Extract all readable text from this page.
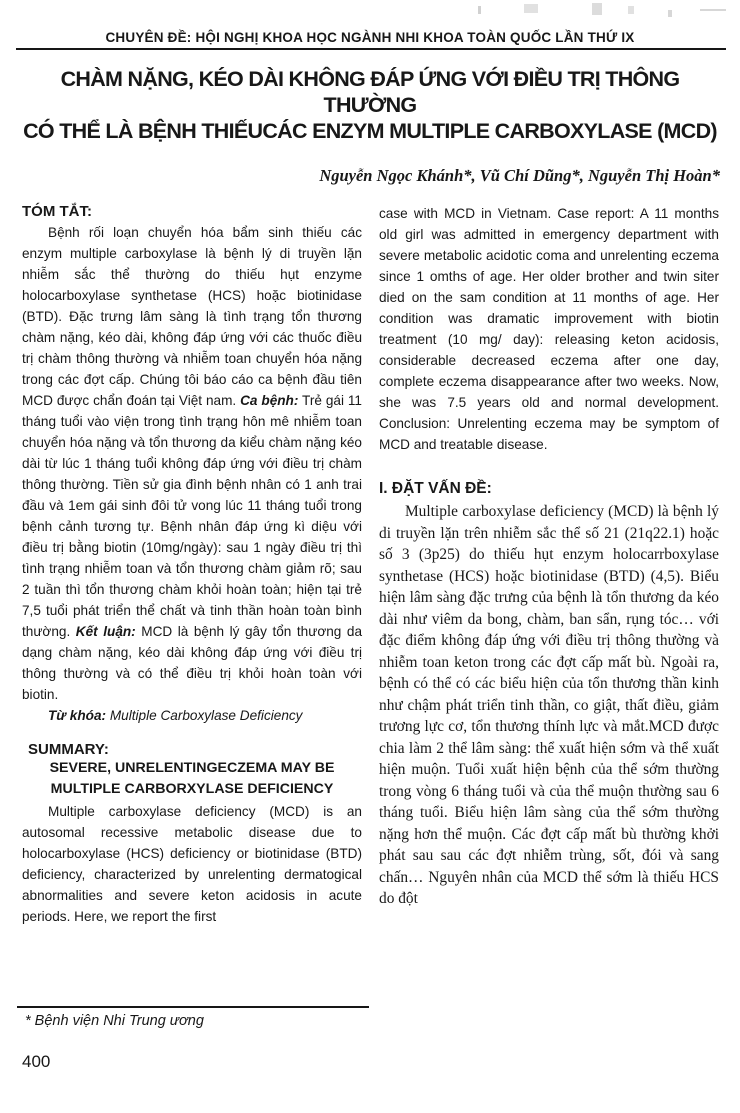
CHUYÊN ĐỀ: HỘI NGHỊ KHOA HỌC NGÀNH NHI KHOA TOÀN QUỐC LẦN THỨ IX
CHÀM NẶNG, KÉO DÀI KHÔNG ĐÁP ỨNG VỚI ĐIỀU TRỊ THÔNG THƯỜNG
CÓ THỂ LÀ BỆNH THIẾUCÁC ENZYM MULTIPLE CARBOXYLASE (MCD)
Nguyễn Ngọc Khánh*, Vũ Chí Dũng*, Nguyễn Thị Hoàn*
TÓM TẮT:

Bệnh rối loạn chuyển hóa bẩm sinh thiếu các enzym multiple carboxylase là bệnh lý di truyền lặn nhiễm sắc thể thường do thiếu hụt enzyme holocarboxylase synthetase (HCS) hoặc biotinidase (BTD). Đặc trưng lâm sàng là tình trạng tổn thương chàm nặng, kéo dài, không đáp ứng với các thuốc điều trị chàm thông thường và nhiễm toan chuyển hóa nặng trong các đợt cấp. Chúng tôi báo cáo ca bệnh đầu tiên MCD được chẩn đoán tại Việt nam. Ca bệnh: Trẻ gái 11 tháng tuổi vào viện trong tình trạng hôn mê nhiễm toan chuyển hóa nặng và tổn thương da kiểu chàm nặng kéo dài từ lúc 1 tháng tuổi không đáp ứng với điều trị chàm thông thường. Tiền sử gia đình bệnh nhân có 1 anh trai đầu và 1em gái sinh đôi tử vong lúc 11 tháng tuổi trong bệnh cảnh tương tự. Bệnh nhân đáp ứng kì diệu với điều trị bằng biotin (10mg/ngày): sau 1 ngày điều trị thì tình trạng nhiễm toan và tổn thương chàm giảm rõ; sau 2 tuần thì tổn thương chàm khỏi hoàn toàn; hiện tại trẻ 7,5 tuổi phát triển thể chất và tinh thần hoàn toàn bình thường. Kết luận: MCD là bệnh lý gây tổn thương da dạng chàm nặng, kéo dài không đáp ứng với điều trị thông thường và có thể điều trị khỏi hoàn toàn với biotin.

Từ khóa: Multiple Carboxylase Deficiency

SUMMARY:
SEVERE, UNRELENTINGECZEMA MAY BE
MULTIPLE CARBORXYLASE DEFICIENCY

Multiple carboxylase deficiency (MCD) is an autosomal recessive metabolic disease due to holocarboxylase (HCS) deficiency or biotinidase (BTD) deficiency, characterized by unrelenting dermatogical abnormalities and severe keton acidosis in acute periods. Here, we report the first

case with MCD in Vietnam. Case report: A 11 months old girl was admitted in emergency department with severe metabolic acidotic coma and unrelenting eczema since 1 omths of age. Her older brother and twin siter died on the sam condition at 11 months of age. Her condition was dramatic improvement with biotin treatment (10 mg/ day): releasing keton acidosis, considerable decreased eczema after one day, complete eczema disappearance after two weeks. Now, she was 7.5 years old and normal development. Conclusion: Unrelenting eczema may be symptom of MCD and treatable disease.

I. ĐẶT VẤN ĐỀ:

Multiple carboxylase deficiency (MCD) là bệnh lý di truyền lặn trên nhiễm sắc thể số 21 (21q22.1) hoặc số 3 (3p25) do thiếu hụt enzym holocarrboxylase synthetase (HCS) hoặc biotinidase (BTD) (4,5). Biểu hiện lâm sàng đặc trưng của bệnh là tổn thương da kéo dài như viêm da bong, chàm, ban sẩn, rụng tóc… với đặc điểm không đáp ứng với điều trị thông thường và nhiễm toan keton trong các đợt cấp mất bù. Ngoài ra, bệnh có thể có các biểu hiện của tổn thương thần kinh như chậm phát triển tinh thần, co giật, thất điều, giảm trương lực cơ, tổn thương thính lực và mắt.MCD được chia làm 2 thể lâm sàng: thể xuất hiện sớm và thể xuất hiện muộn. Tuổi xuất hiện bệnh của thể sớm thường trong vòng 6 tháng tuổi và của thể muộn thường sau 6 tháng tuổi. Biểu hiện lâm sàng của thể sớm thường nặng hơn thể muộn. Các đợt cấp mất bù thường khởi phát sau sau các đợt nhiễm trùng, sốt, đói và sang chấn… Nguyên nhân của MCD thể sớm là thiếu HCS do đột

* Bệnh viện Nhi Trung ương
400
